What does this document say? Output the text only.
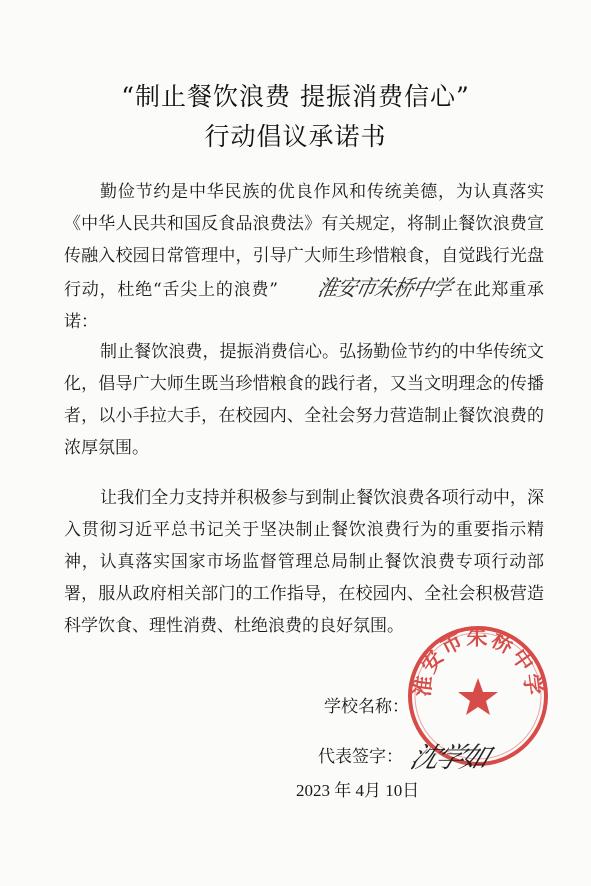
“制止餐饮浪费 提振消费信心”
行动倡议承诺书

勤俭节约是中华民族的优良作风和传统美德，为认真落实《中华人民共和国反食品浪费法》有关规定，将制止餐饮浪费宣传融入校园日常管理中，引导广大师生珍惜粮食，自觉践行光盘行动，杜绝“舌尖上的浪费” 淮安市朱桥中学在此郑重承诺：

制止餐饮浪费，提振消费信心。弘扬勤俭节约的中华传统文化，倡导广大师生既当珍惜粮食的践行者，又当文明理念的传播者，以小手拉大手，在校园内、全社会努力营造制止餐饮浪费的浓厚氛围。

让我们全力支持并积极参与到制止餐饮浪费各项行动中，深入贯彻习近平总书记关于坚决制止餐饮浪费行为的重要指示精神，认真落实国家市场监督管理总局制止餐饮浪费专项行动部署，服从政府相关部门的工作指导，在校园内、全社会积极营造科学饮食、理性消费、杜绝浪费的良好氛围。

淮安市朱桥中学
学校名称：
代表签字： 沈学如
2023 年 4月 10日
